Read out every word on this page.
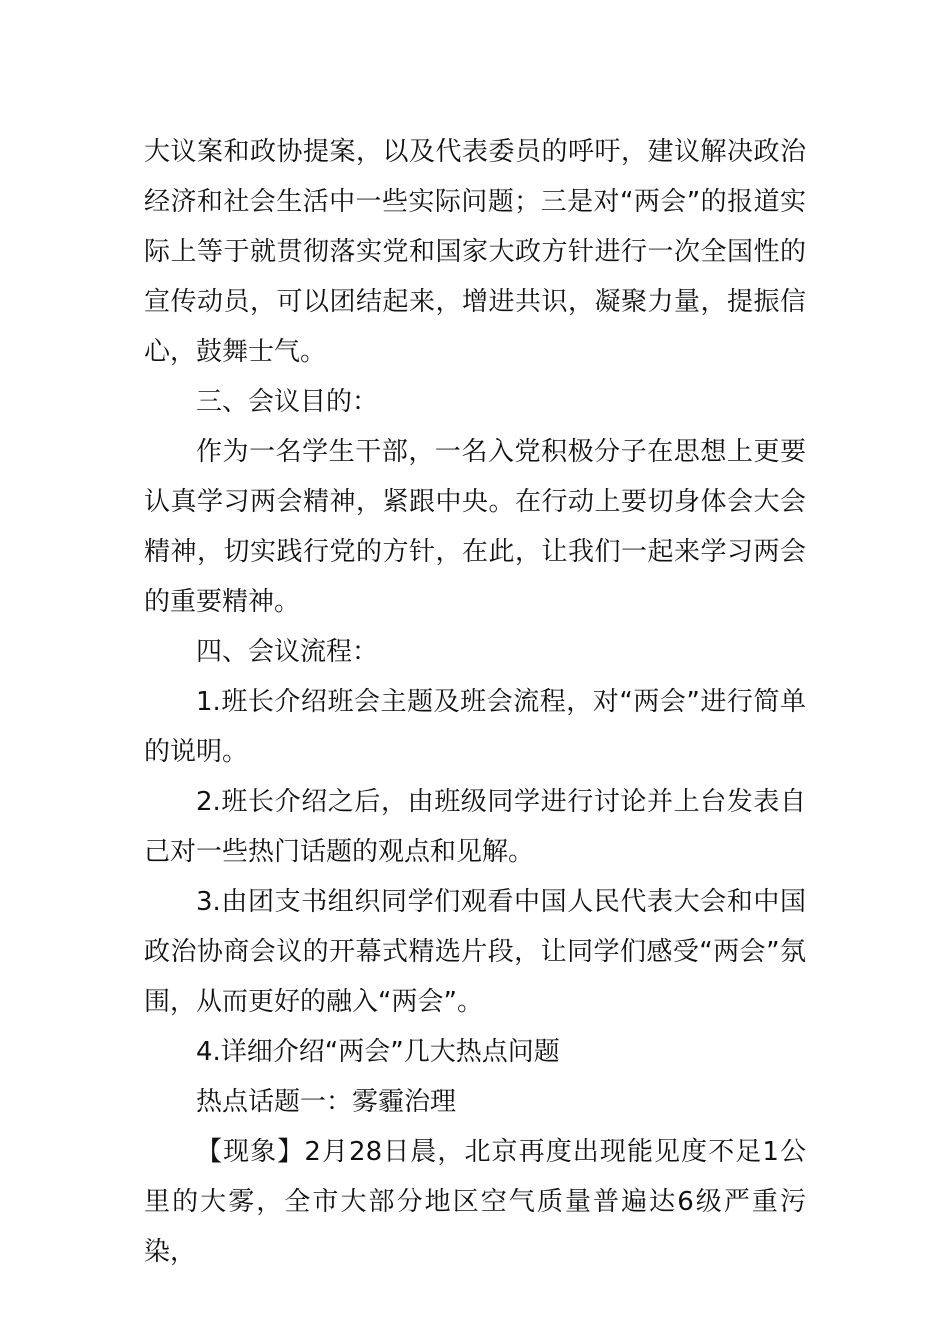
大议案和政协提案，以及代表委员的呼吁，建议解决政治经济和社会生活中一些实际问题；三是对“两会”的报道实际上等于就贯彻落实党和国家大政方针进行一次全国性的宣传动员，可以团结起来，增进共识，凝聚力量，提振信心，鼓舞士气。

三、会议目的：

作为一名学生干部，一名入党积极分子在思想上更要认真学习两会精神，紧跟中央。在行动上要切身体会大会精神，切实践行党的方针，在此，让我们一起来学习两会的重要精神。

四、会议流程：

1.班长介绍班会主题及班会流程，对“两会”进行简单的说明。

2.班长介绍之后，由班级同学进行讨论并上台发表自己对一些热门话题的观点和见解。

3.由团支书组织同学们观看中国人民代表大会和中国政治协商会议的开幕式精选片段，让同学们感受“两会”氛围，从而更好的融入“两会”。

4.详细介绍“两会”几大热点问题

热点话题一：雾霾治理

【现象】2月28日晨，北京再度出现能见度不足1公里的大雾，全市大部分地区空气质量普遍达6级严重污染，
